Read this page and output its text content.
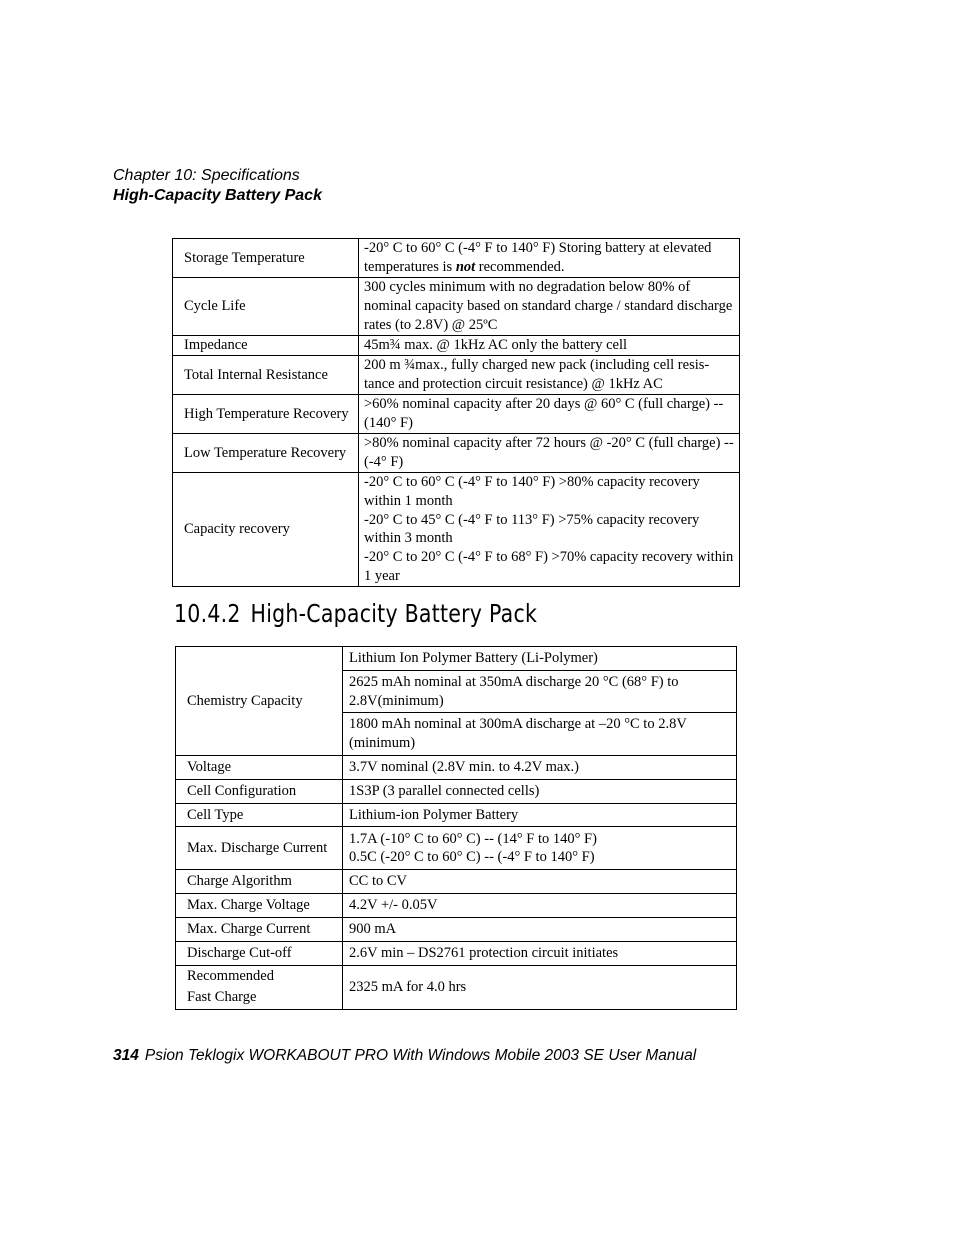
Chapter 10: Specifications
High-Capacity Battery Pack
Storage Temperature	-20° C to 60° C (-4° F to 140° F) Storing battery at elevated temperatures is not recommended.
Cycle Life	300 cycles minimum with no degradation below 80% of nominal capacity based on standard charge / standard discharge rates (to 2.8V) @ 25ºC
Impedance	45m¾ max. @ 1kHz AC only the battery cell
Total Internal Resistance	200 m ¾max., fully charged new pack (including cell resis-tance and protection circuit resistance) @ 1kHz AC
High Temperature Recovery	>60% nominal capacity after 20 days @ 60° C (full charge) --(140° F)
Low Temperature Recovery	>80% nominal capacity after 72 hours @ -20° C (full charge) -- (-4° F)
Capacity recovery	-20° C to 60° C (-4° F to 140° F) >80% capacity recovery within 1 month
-20° C to 45° C (-4° F to 113° F) >75% capacity recovery within 3 month
-20° C to 20° C (-4° F to 68° F) >70% capacity recovery within 1 year
10.4.2 High-Capacity Battery Pack
Chemistry Capacity	Lithium Ion Polymer Battery (Li-Polymer)
	2625 mAh nominal at 350mA discharge 20 °C (68° F) to 2.8V(minimum)
	1800 mAh nominal at 300mA discharge at –20 °C to 2.8V (minimum)
Voltage	3.7V nominal (2.8V min. to 4.2V max.)
Cell Configuration	1S3P (3 parallel connected cells)
Cell Type	Lithium-ion Polymer Battery
Max. Discharge Current	1.7A (-10° C to 60° C) -- (14° F to 140° F)
0.5C (-20° C to 60° C) -- (-4° F to 140° F)

Charge Algorithm	CC to CV
Max. Charge Voltage	4.2V +/- 0.05V
Max. Charge Current	900 mA
Discharge Cut-off	2.6V min – DS2761 protection circuit initiates

Recommended
Fast Charge	2325 mA for 4.0 hrs
314 Psion Teklogix WORKABOUT PRO With Windows Mobile 2003 SE User Manual
